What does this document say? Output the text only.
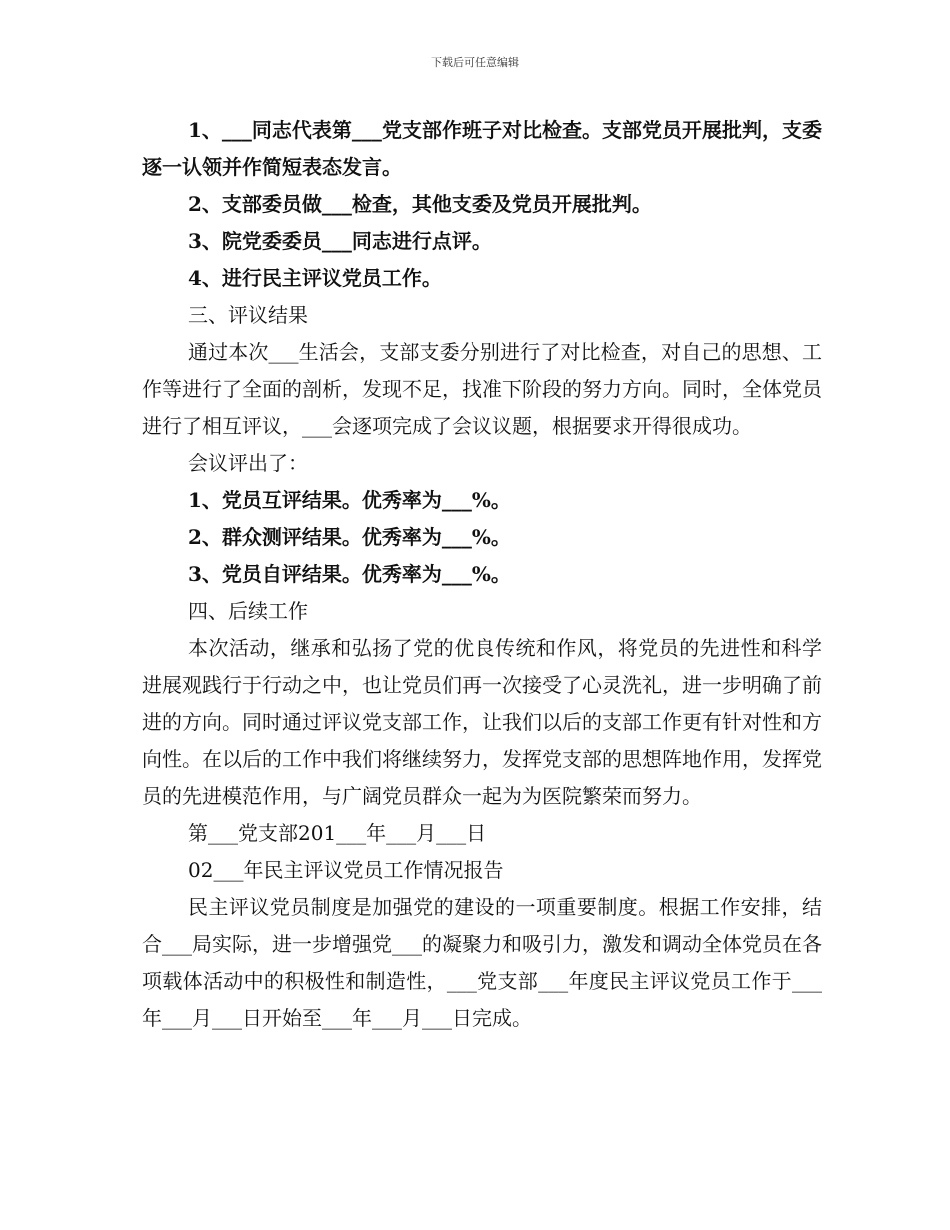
下载后可任意编辑

1、___同志代表第___党支部作班子对比检查。支部党员开展批判，支委逐一认领并作简短表态发言。

2、支部委员做___检查，其他支委及党员开展批判。

3、院党委委员___同志进行点评。

4、进行民主评议党员工作。

三、评议结果

通过本次___生活会，支部支委分别进行了对比检查，对自己的思想、工作等进行了全面的剖析，发现不足，找准下阶段的努力方向。同时，全体党员进行了相互评议，___会逐项完成了会议议题，根据要求开得很成功。

会议评出了：

1、党员互评结果。优秀率为___%。

2、群众测评结果。优秀率为___%。

3、党员自评结果。优秀率为___%。

四、后续工作

本次活动，继承和弘扬了党的优良传统和作风，将党员的先进性和科学进展观践行于行动之中，也让党员们再一次接受了心灵洗礼，进一步明确了前进的方向。同时通过评议党支部工作，让我们以后的支部工作更有针对性和方向性。在以后的工作中我们将继续努力，发挥党支部的思想阵地作用，发挥党员的先进模范作用，与广阔党员群众一起为为医院繁荣而努力。

第___党支部201___年___月___日

02___年民主评议党员工作情况报告

民主评议党员制度是加强党的建设的一项重要制度。根据工作安排，结合___局实际，进一步增强党___的凝聚力和吸引力，激发和调动全体党员在各项载体活动中的积极性和制造性，___党支部___年度民主评议党员工作于___年___月___日开始至___年___月___日完成。
